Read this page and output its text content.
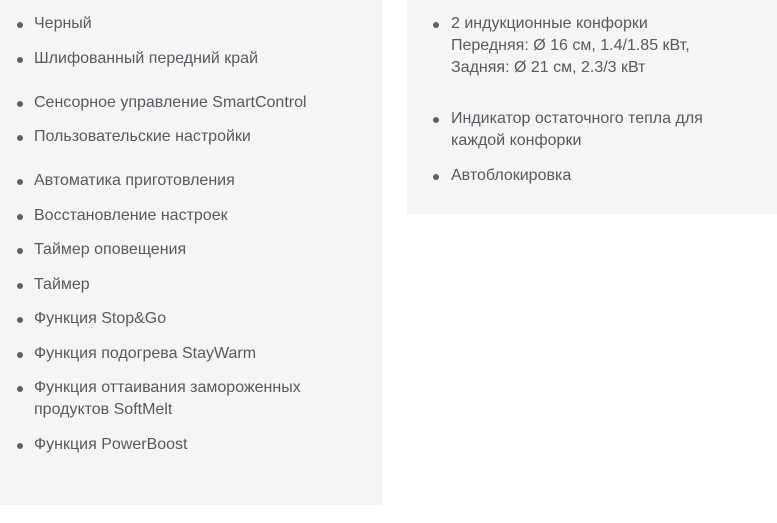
Черный
Шлифованный передний край
Сенсорное управление SmartControl
Пользовательские настройки
Автоматика приготовления
Восстановление настроек
Таймер оповещения
Таймер
Функция Stop&Go
Функция подогрева StayWarm
Функция оттаивания замороженных
продуктов SoftMelt
Функция PowerBoost
2 индукционные конфорки
Передняя: Ø 16 см, 1.4/1.85 кВт,
Задняя: Ø 21 см, 2.3/3 кВт
Индикатор остаточного тепла для
каждой конфорки
Автоблокировка
